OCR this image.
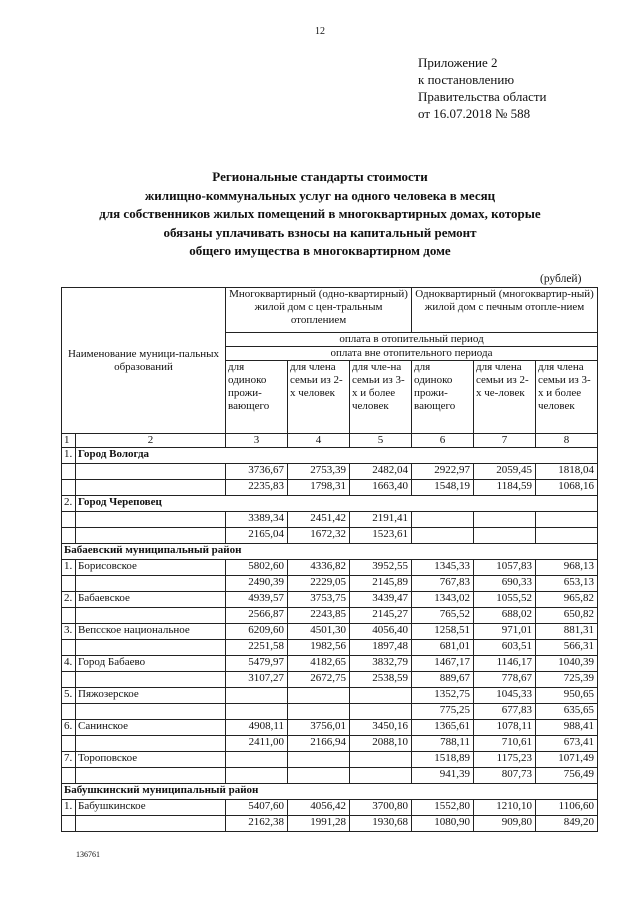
12
Приложение 2
к постановлению
Правительства области
от 16.07.2018 № 588
Региональные стандарты стоимости
жилищно-коммунальных услуг на одного человека в месяц
для собственников жилых помещений в многоквартирных домах, которые
обязаны уплачивать взносы на капитальный ремонт
общего имущества в многоквартирном доме
(рублей)
Наименование муници-пальных образований		Многоквартирный (одно-квартирный) жилой дом с цен-тральным отоплением			Одноквартирный (многоквартир-ный) жилой дом с печным отопле-нием		
		оплата в отопительный период					
		оплата вне отопительного периода					
		для одиноко прожи-вающего	для члена семьи из 2-х человек	для чле-на семьи из 3-х и более человек	для одиноко прожи-вающего	для члена семьи из 2-х че-ловек	для члена семьи из 3-х и более человек
1	2	3	4	5	6	7	8
1.	Город Вологда						
		3736,67	2753,39	2482,04	2922,97	2059,45	1818,04
		2235,83	1798,31	1663,40	1548,19	1184,59	1068,16
2.	Город Череповец						
		3389,34	2451,42	2191,41			
		2165,04	1672,32	1523,61			
Бабаевский муниципальный район							
1.	Борисовское	5802,60	4336,82	3952,55	1345,33	1057,83	968,13
		2490,39	2229,05	2145,89	767,83	690,33	653,13
2.	Бабаевское	4939,57	3753,75	3439,47	1343,02	1055,52	965,82
		2566,87	2243,85	2145,27	765,52	688,02	650,82
3.	Вепсское национальное	6209,60	4501,30	4056,40	1258,51	971,01	881,31
		2251,58	1982,56	1897,48	681,01	603,51	566,31
4.	Город Бабаево	5479,97	4182,65	3832,79	1467,17	1146,17	1040,39
		3107,27	2672,75	2538,59	889,67	778,67	725,39
5.	Пяжозерское				1352,75	1045,33	950,65
					775,25	677,83	635,65
6.	Санинское	4908,11	3756,01	3450,16	1365,61	1078,11	988,41
		2411,00	2166,94	2088,10	788,11	710,61	673,41
7.	Тороповское				1518,89	1175,23	1071,49
					941,39	807,73	756,49
Бабушкинский муниципальный район							
1.	Бабушкинское	5407,60	4056,42	3700,80	1552,80	1210,10	1106,60
		2162,38	1991,28	1930,68	1080,90	909,80	849,20
136761
